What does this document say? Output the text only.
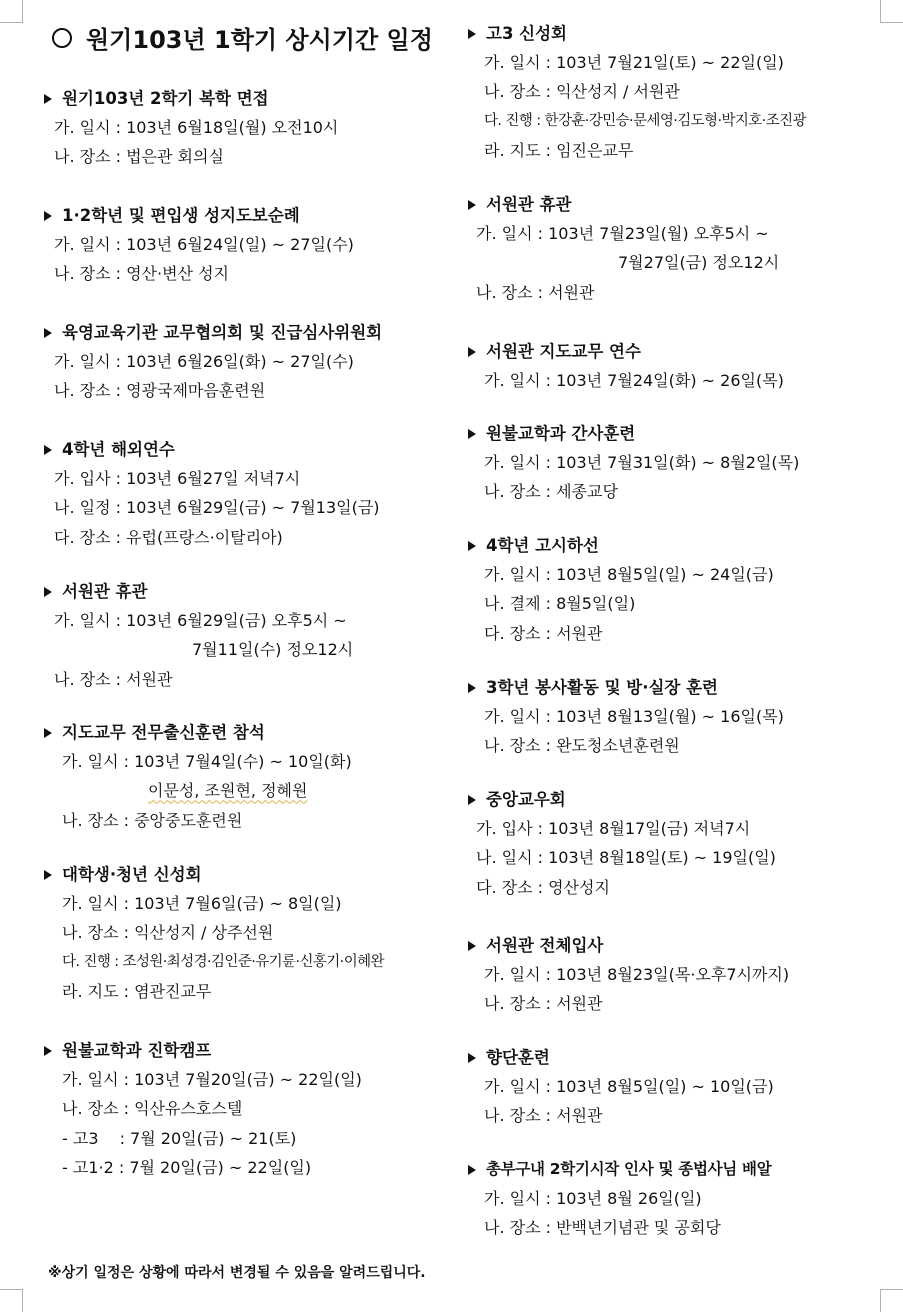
원기103년 1학기 상시기간 일정
원기103년 2학기 복학 면접
가. 일시 : 103년 6월18일(월) 오전10시
나. 장소 : 법은관 회의실
1·2학년 및 편입생 성지도보순례
가. 일시 : 103년 6월24일(일) ~ 27일(수)
나. 장소 : 영산·변산 성지
육영교육기관 교무협의회 및 진급심사위원회
가. 일시 : 103년 6월26일(화) ~ 27일(수)
나. 장소 : 영광국제마음훈련원
4학년 해외연수
가. 입사 : 103년 6월27일 저녁7시
나. 일정 : 103년 6월29일(금) ~ 7월13일(금)
다. 장소 : 유럽(프랑스·이탈리아)
서원관 휴관
가. 일시 : 103년 6월29일(금) 오후5시 ~
7월11일(수) 정오12시
나. 장소 : 서원관
지도교무 전무출신훈련 참석
가. 일시 : 103년 7월4일(수) ~ 10일(화)
이문성, 조원현, 정혜원
나. 장소 : 중앙중도훈련원
대학생·청년 신성회
가. 일시 : 103년 7월6일(금) ~ 8일(일)
나. 장소 : 익산성지 / 상주선원
다. 진행 : 조성원·최성경·김인준·유기륜·신홍기·이혜완
라. 지도 : 염관진교무
원불교학과 진학캠프
가. 일시 : 103년 7월20일(금) ~ 22일(일)
나. 장소 : 익산유스호스텔
- 고3　 : 7월 20일(금) ~ 21(토)
- 고1·2 : 7월 20일(금) ~ 22일(일)
고3 신성회
가. 일시 : 103년 7월21일(토) ~ 22일(일)
나. 장소 : 익산성지 / 서원관
다. 진행 : 한강훈·강민승·문세영·김도형·박지호·조진광
라. 지도 : 임진은교무
서원관 휴관
가. 일시 : 103년 7월23일(월) 오후5시 ~
7월27일(금) 정오12시
나. 장소 : 서원관
서원관 지도교무 연수
가. 일시 : 103년 7월24일(화) ~ 26일(목)
원불교학과 간사훈련
가. 일시 : 103년 7월31일(화) ~ 8월2일(목)
나. 장소 : 세종교당
4학년 고시하선
가. 일시 : 103년 8월5일(일) ~ 24일(금)
나. 결제 : 8월5일(일)
다. 장소 : 서원관
3학년 봉사활동 및 방·실장 훈련
가. 일시 : 103년 8월13일(월) ~ 16일(목)
나. 장소 : 완도청소년훈련원
중앙교우회
가. 입사 : 103년 8월17일(금) 저녁7시
나. 일시 : 103년 8월18일(토) ~ 19일(일)
다. 장소 : 영산성지
서원관 전체입사
가. 일시 : 103년 8월23일(목·오후7시까지)
나. 장소 : 서원관
향단훈련
가. 일시 : 103년 8월5일(일) ~ 10일(금)
나. 장소 : 서원관
총부구내 2학기시작 인사 및 종법사님 배알
가. 일시 : 103년 8월 26일(일)
나. 장소 : 반백년기념관 및 공회당
※상기 일정은 상황에 따라서 변경될 수 있음을 알려드립니다.
